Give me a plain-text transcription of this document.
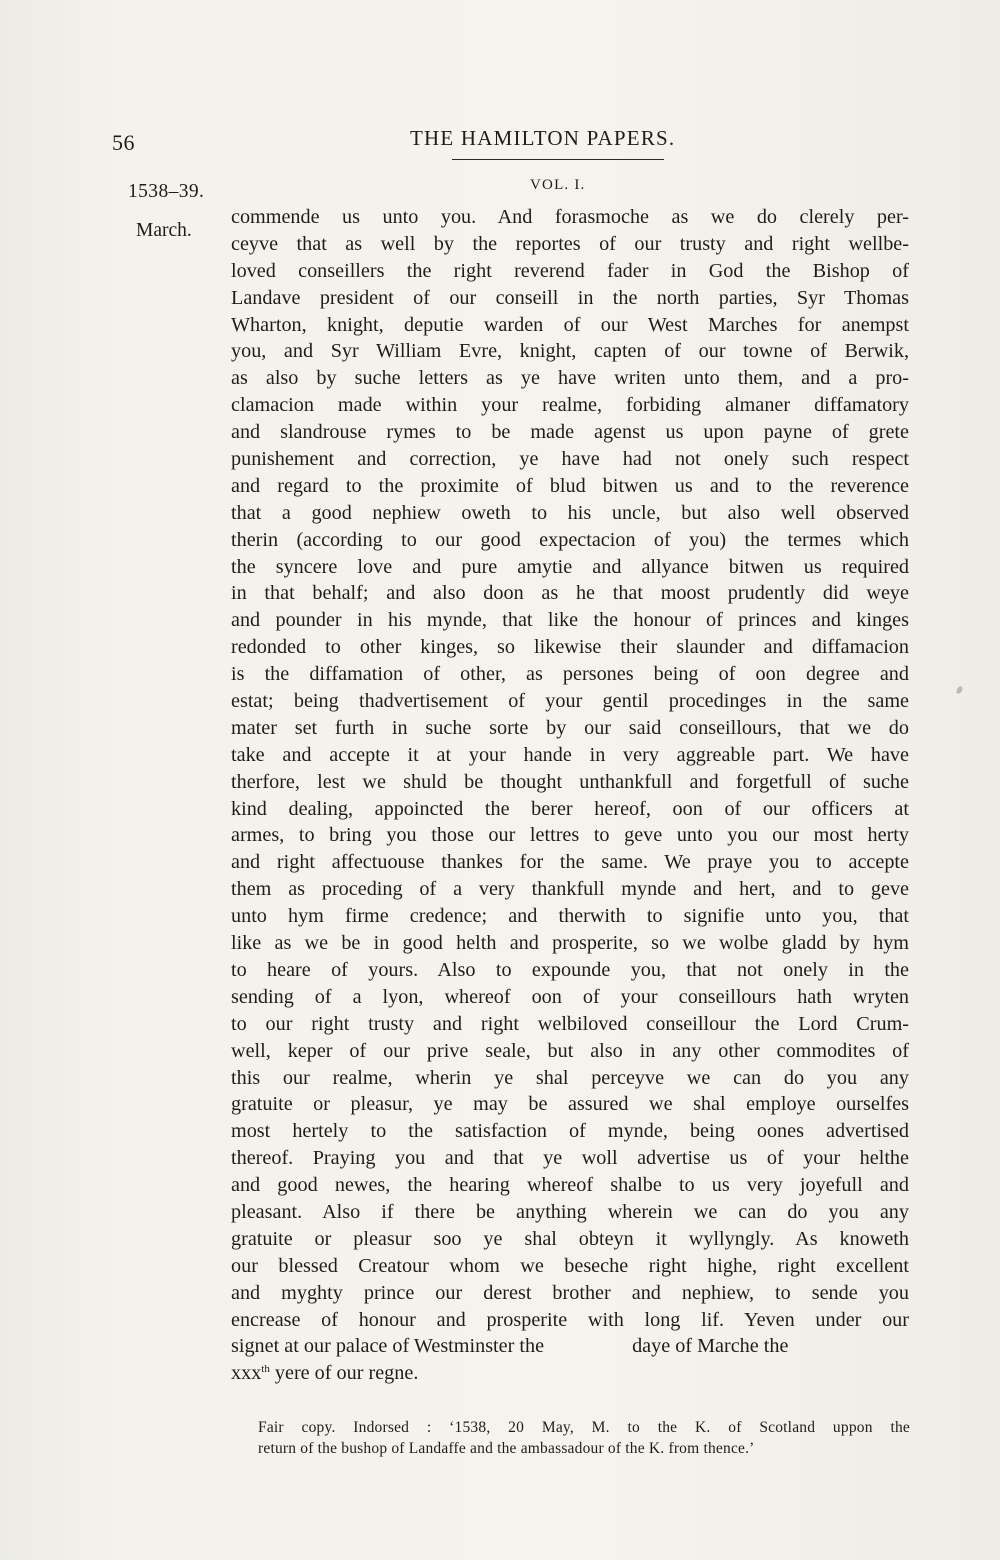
56	THE HAMILTON PAPERS.
1538–39.	VOL. I.
March.
commende us unto you. And forasmoche as we do clerely per-
ceyve that as well by the reportes of our trusty and right wellbe-
loved conseillers the right reverend fader in God the Bishop of
Landave president of our conseill in the north parties, Syr Thomas
Wharton, knight, deputie warden of our West Marches for anempst
you, and Syr William Evre, knight, capten of our towne of Berwik,
as also by suche letters as ye have writen unto them, and a pro-
clamacion made within your realme, forbiding almaner diffamatory
and slandrouse rymes to be made agenst us upon payne of grete
punishement and correction, ye have had not onely such respect
and regard to the proximite of blud bitwen us and to the reverence
that a good nephiew oweth to his uncle, but also well observed
therin (according to our good expectacion of you) the termes which
the syncere love and pure amytie and allyance bitwen us required
in that behalf; and also doon as he that moost prudently did weye
and pounder in his mynde, that like the honour of princes and kinges
redonded to other kinges, so likewise their slaunder and diffamacion
is the diffamation of other, as persones being of oon degree and
estat; being thadvertisement of your gentil procedinges in the same
mater set furth in suche sorte by our said conseillours, that we do
take and accepte it at your hande in very aggreable part. We have
therfore, lest we shuld be thought unthankfull and forgetfull of suche
kind dealing, appoincted the berer hereof, oon of our officers at
armes, to bring you those our lettres to geve unto you our most herty
and right affectuouse thankes for the same. We praye you to accepte
them as proceding of a very thankfull mynde and hert, and to geve
unto hym firme credence; and therwith to signifie unto you, that
like as we be in good helth and prosperite, so we wolbe gladd by hym
to heare of yours. Also to expounde you, that not onely in the
sending of a lyon, whereof oon of your conseillours hath wryten
to our right trusty and right welbiloved conseillour the Lord Crum-
well, keper of our prive seale, but also in any other commodites of
this our realme, wherin ye shal perceyve we can do you any
gratuite or pleasur, ye may be assured we shal employe ourselfes
most hertely to the satisfaction of mynde, being oones advertised
thereof. Praying you and that ye woll advertise us of your helthe
and good newes, the hearing whereof shalbe to us very joyefull and
pleasant. Also if there be anything wherein we can do you any
gratuite or pleasur soo ye shal obteyn it wyllyngly. As knoweth
our blessed Creatour whom we beseche right highe, right excellent
and myghty prince our derest brother and nephiew, to sende you
encrease of honour and prosperite with long lif. Yeven under our
signet at our palace of Westminster the	daye of Marche the
xxx$^{th}$ yere of our regne.
Fair copy. Indorsed : ‘1538, 20 May, M. to the K. of Scotland uppon the
return of the bushop of Landaffe and the ambassadour of the K. from thence.’
